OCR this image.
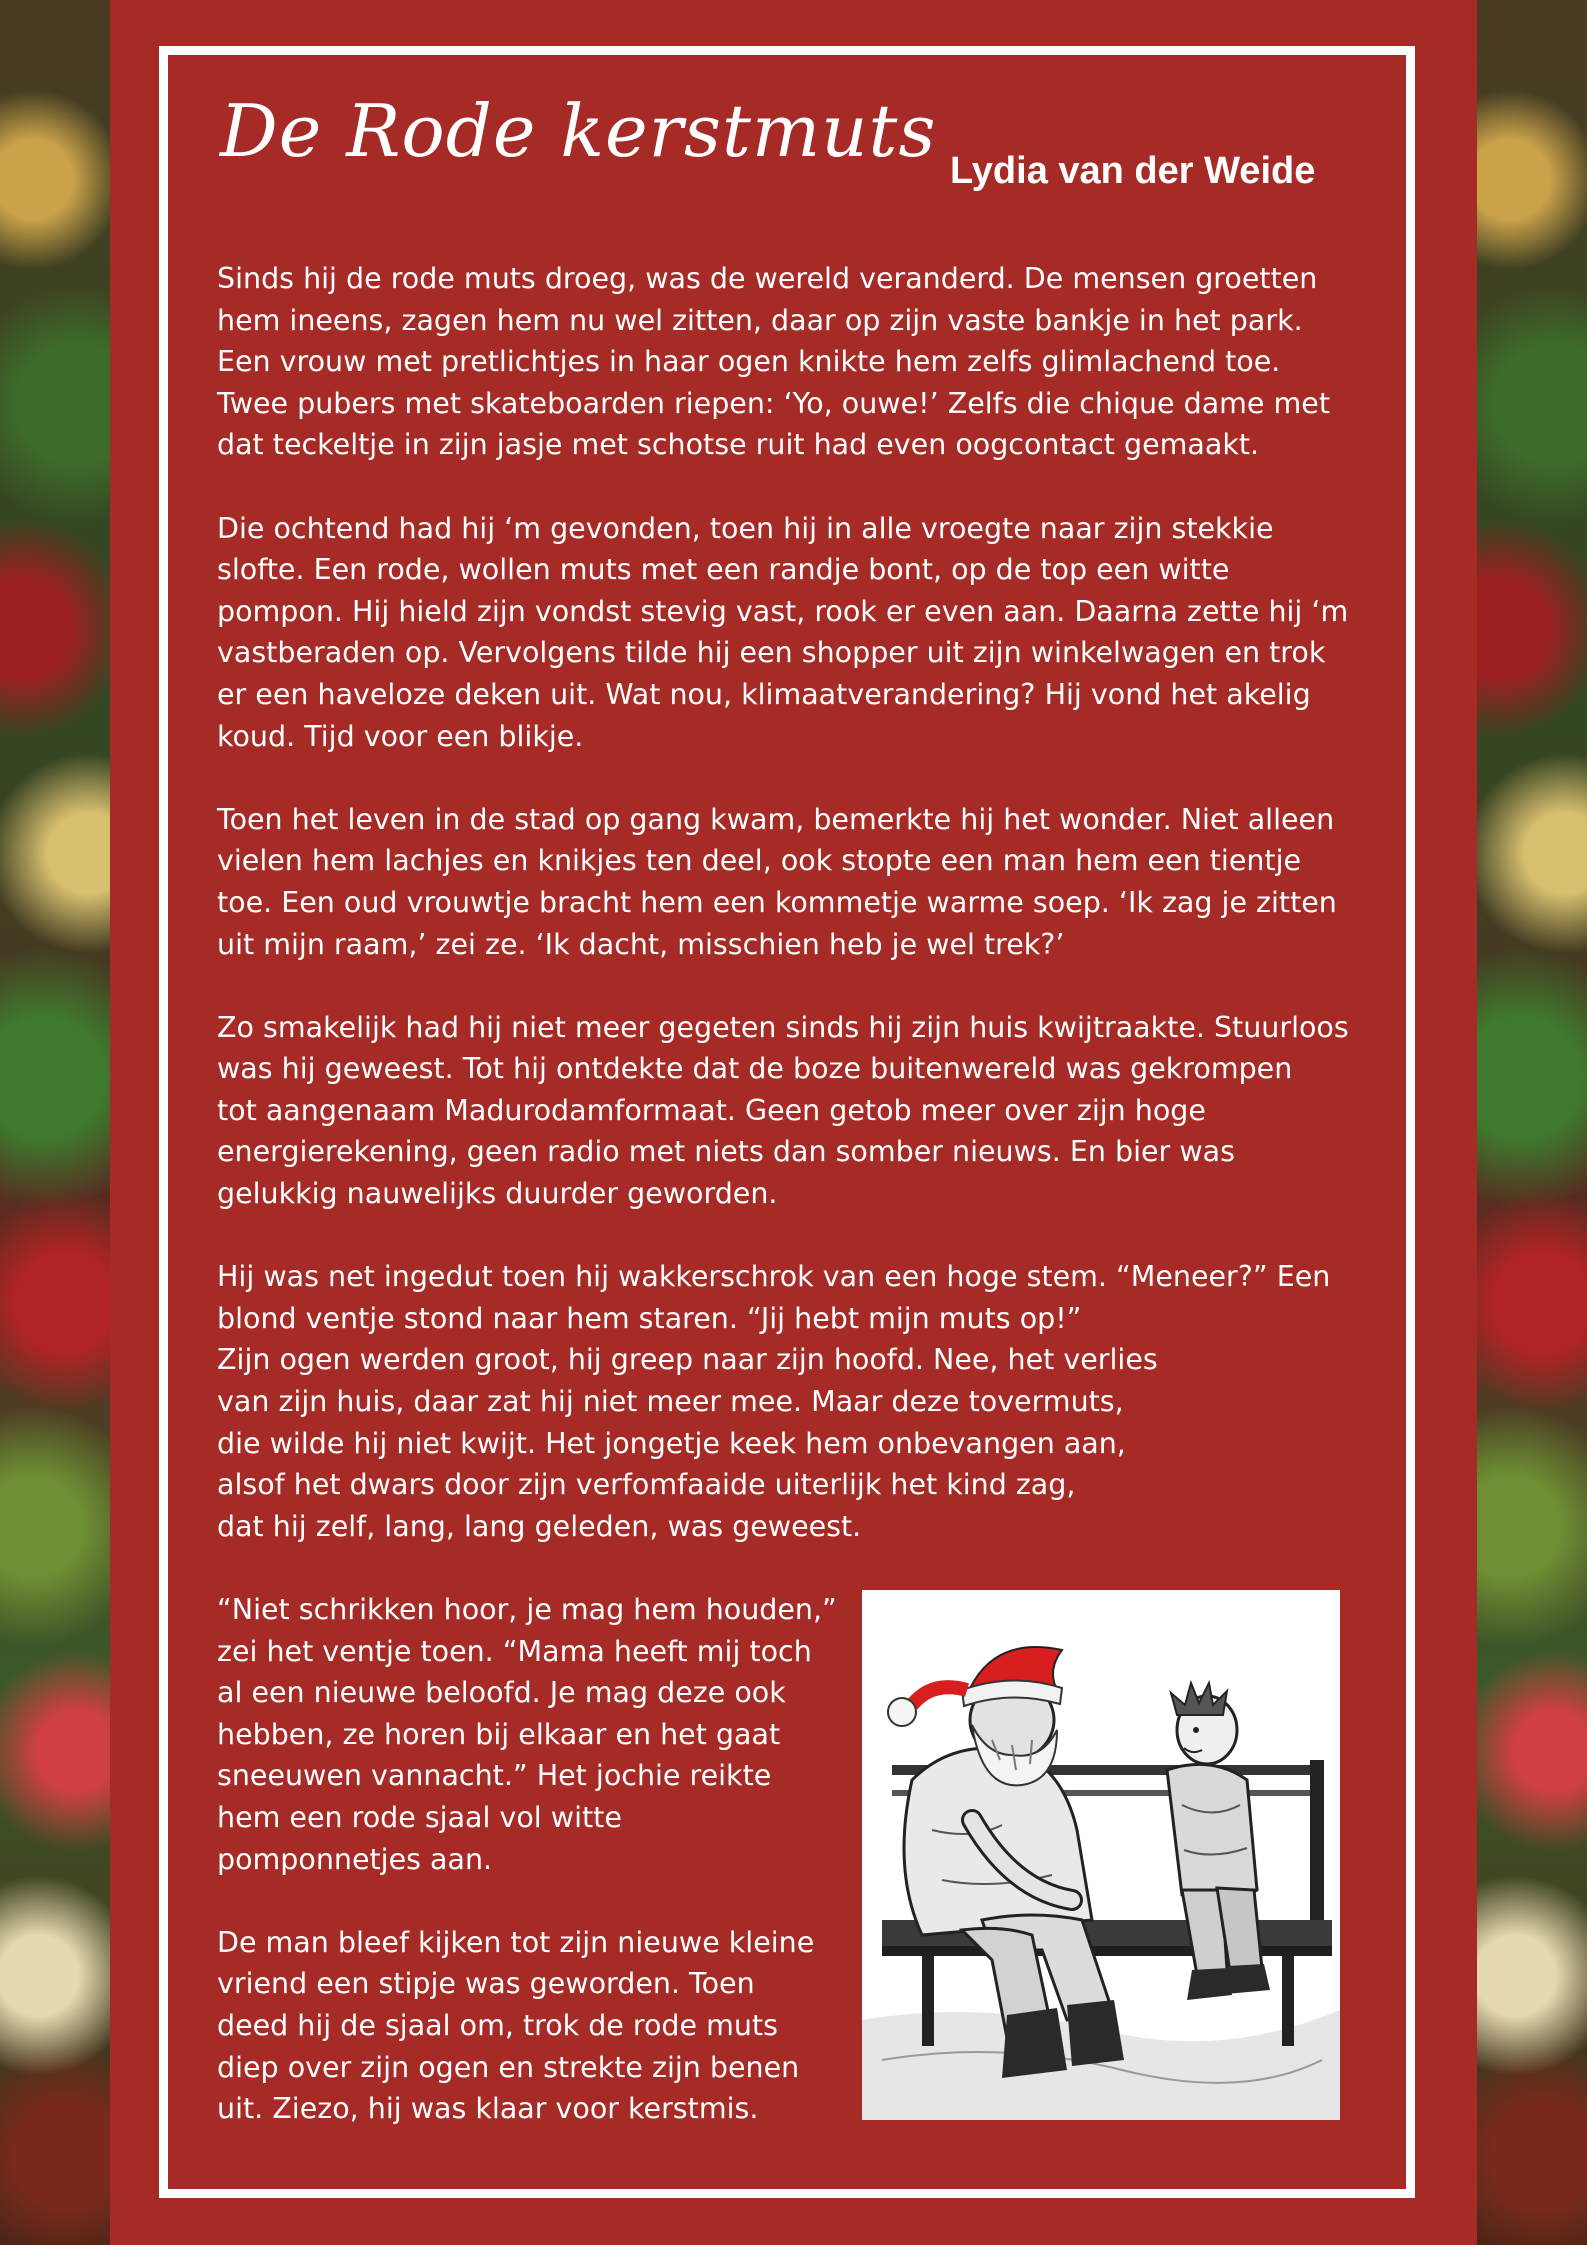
De Rode kerstmuts Lydia van der Weide

Sinds hij de rode muts droeg, was de wereld veranderd. De mensen groetten
hem ineens, zagen hem nu wel zitten, daar op zijn vaste bankje in het park.
Een vrouw met pretlichtjes in haar ogen knikte hem zelfs glimlachend toe.
Twee pubers met skateboarden riepen: ‘Yo, ouwe!’ Zelfs die chique dame met
dat teckeltje in zijn jasje met schotse ruit had even oogcontact gemaakt.

Die ochtend had hij ‘m gevonden, toen hij in alle vroegte naar zijn stekkie
slofte. Een rode, wollen muts met een randje bont, op de top een witte
pompon. Hij hield zijn vondst stevig vast, rook er even aan. Daarna zette hij ‘m
vastberaden op. Vervolgens tilde hij een shopper uit zijn winkelwagen en trok
er een haveloze deken uit. Wat nou, klimaatverandering? Hij vond het akelig
koud. Tijd voor een blikje.

Toen het leven in de stad op gang kwam, bemerkte hij het wonder. Niet alleen
vielen hem lachjes en knikjes ten deel, ook stopte een man hem een tientje
toe. Een oud vrouwtje bracht hem een kommetje warme soep. ‘Ik zag je zitten
uit mijn raam,’ zei ze. ‘Ik dacht, misschien heb je wel trek?’

Zo smakelijk had hij niet meer gegeten sinds hij zijn huis kwijtraakte. Stuurloos
was hij geweest. Tot hij ontdekte dat de boze buitenwereld was gekrompen
tot aangenaam Madurodamformaat. Geen getob meer over zijn hoge
energierekening, geen radio met niets dan somber nieuws. En bier was
gelukkig nauwelijks duurder geworden.

Hij was net ingedut toen hij wakkerschrok van een hoge stem. “Meneer?” Een
blond ventje stond naar hem staren. “Jij hebt mijn muts op!”
Zijn ogen werden groot, hij greep naar zijn hoofd. Nee, het verlies
van zijn huis, daar zat hij niet meer mee. Maar deze tovermuts,
die wilde hij niet kwijt. Het jongetje keek hem onbevangen aan,
alsof het dwars door zijn verfomfaaide uiterlijk het kind zag,
dat hij zelf, lang, lang geleden, was geweest.

“Niet schrikken hoor, je mag hem houden,”
zei het ventje toen. “Mama heeft mij toch
al een nieuwe beloofd. Je mag deze ook
hebben, ze horen bij elkaar en het gaat
sneeuwen vannacht.” Het jochie reikte
hem een rode sjaal vol witte
pomponnetjes aan.

De man bleef kijken tot zijn nieuwe kleine
vriend een stipje was geworden. Toen
deed hij de sjaal om, trok de rode muts
diep over zijn ogen en strekte zijn benen
uit. Ziezo, hij was klaar voor kerstmis.
